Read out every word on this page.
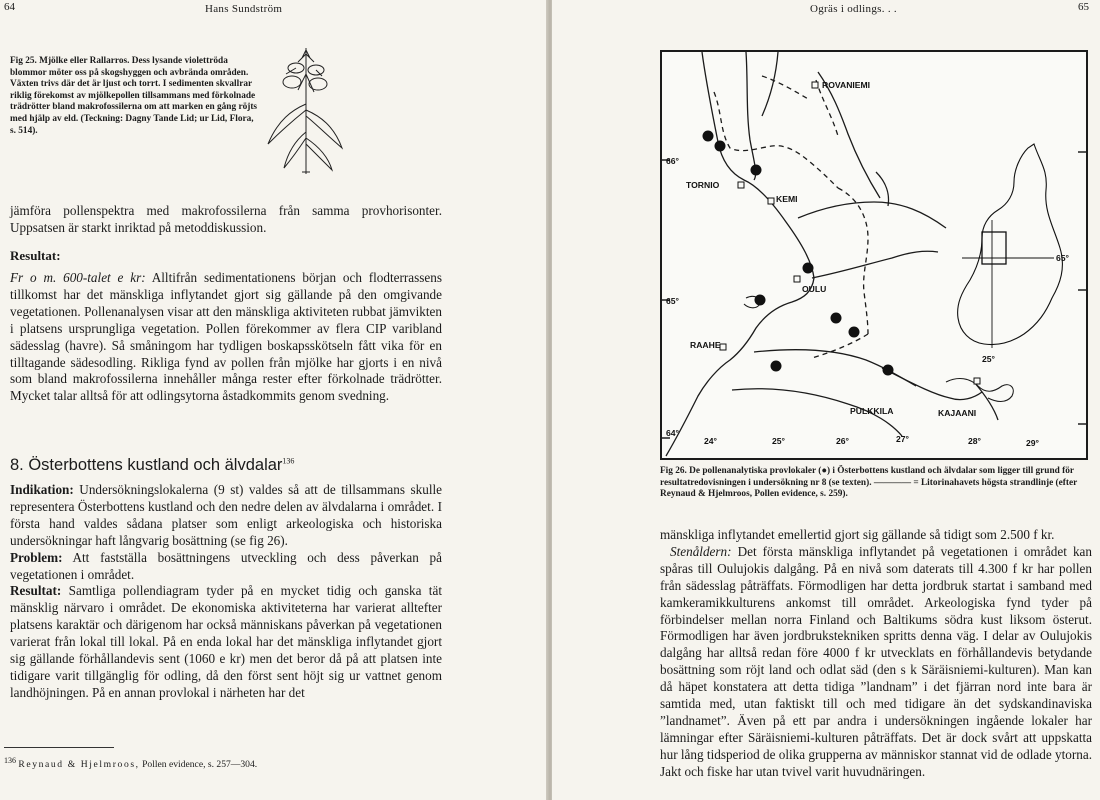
64	Hans Sundström

Fig 25. Mjölke eller Rallarros. Dess lysande violettröda blommor möter oss på skogshyggen och avbrända områden. Växten trivs där det är ljust och torrt. I sedimenten skvallrar riklig förekomst av mjölkepollen tillsammans med förkolnade trädrötter bland makrofossilerna om att marken en gång röjts med hjälp av eld. (Teckning: Dagny Tande Lid; ur Lid, Flora, s. 514).

jämföra pollenspektra med makrofossilerna från samma provhorisonter. Uppsatsen är starkt inriktad på metoddiskussion.

Resultat:

Fr o m. 600-talet e kr: Alltifrån sedimentationens början och flodterrassens tillkomst har det mänskliga inflytandet gjort sig gällande på den omgivande vegetationen. Pollenanalysen visar att den mänskliga aktiviteten rubbat jämvikten i platsens ursprungliga vegetation. Pollen förekommer av flera CIP varibland sädesslag (havre). Så småningom har tydligen boskapsskötseln fått vika för en tilltagande sädesodling. Rikliga fynd av pollen från mjölke har gjorts i en nivå som bland makrofossilerna innehåller många rester efter förkolnade trädrötter. Mycket talar alltså för att odlingsytorna åstadkommits genom svedning.

8. Österbottens kustland och älvdalar$^{136}$

Indikation: Undersökningslokalerna (9 st) valdes så att de tillsammans skulle representera Österbottens kustland och den nedre delen av älvdalarna i området. I första hand valdes sådana platser som enligt arkeologiska och historiska undersökningar haft långvarig bosättning (se fig 26).

Problem: Att fastställa bosättningens utveckling och dess påverkan på vegetationen i området.

Resultat: Samtliga pollendiagram tyder på en mycket tidig och ganska tät mänsklig närvaro i området. De ekonomiska aktiviteterna har varierat alltefter platsens karaktär och därigenom har också människans påverkan på vegetationen varierat från lokal till lokal. På en enda lokal har det mänskliga inflytandet gjort sig gällande förhållandevis sent (1060 e kr) men det beror då på att platsen inte tidigare varit tillgänglig för odling, då den först sent höjt sig ur vattnet genom landhöjningen. På en annan provlokal i närheten har det

$^{136}$ Reynaud & Hjelmroos, Pollen evidence, s. 257—304.
Ogräs i odlings. . .	65
ROVANIEMI
TORNIO
KEMI
OULU
RAAHE
PULKKILA	KAJAANI
66°
65°
64°
24°	25°	26°	27°	28°	29°
65°
25°

Fig 26. De pollenanalytiska provlokaler (●) i Österbottens kustland och älvdalar som ligger till grund för resultatredovisningen i undersökning nr 8 (se texten). ———— = Litorinahavets högsta strandlinje (efter Reynaud & Hjelmroos, Pollen evidence, s. 259).

mänskliga inflytandet emellertid gjort sig gällande så tidigt som 2.500 f kr.

Stenåldern: Det första mänskliga inflytandet på vegetationen i området kan spåras till Oulujokis dalgång. På en nivå som daterats till 4.300 f kr har pollen från sädesslag påträffats. Förmodligen har detta jordbruk startat i samband med kamkeramikkulturens ankomst till området. Arkeologiska fynd tyder på förbindelser mellan norra Finland och Baltikums södra kust liksom österut. Förmodligen har även jordbrukstekniken spritts denna väg. I delar av Oulujokis dalgång har alltså redan före 4000 f kr utvecklats en förhållandevis betydande bosättning som röjt land och odlat säd (den s k Säräisniemi-kulturen). Man kan då häpet konstatera att detta tidiga ”landnam” i det fjärran nord inte bara är samtida med, utan faktiskt till och med tidigare än det sydskandinaviska ”landnamet”. Även på ett par andra i undersökningen ingående lokaler har lämningar efter Säräisniemi-kulturen påträffats. Det är dock svårt att uppskatta hur lång tidsperiod de olika grupperna av människor stannat vid de odlade ytorna. Jakt och fiske har utan tvivel varit huvudnäringen.
